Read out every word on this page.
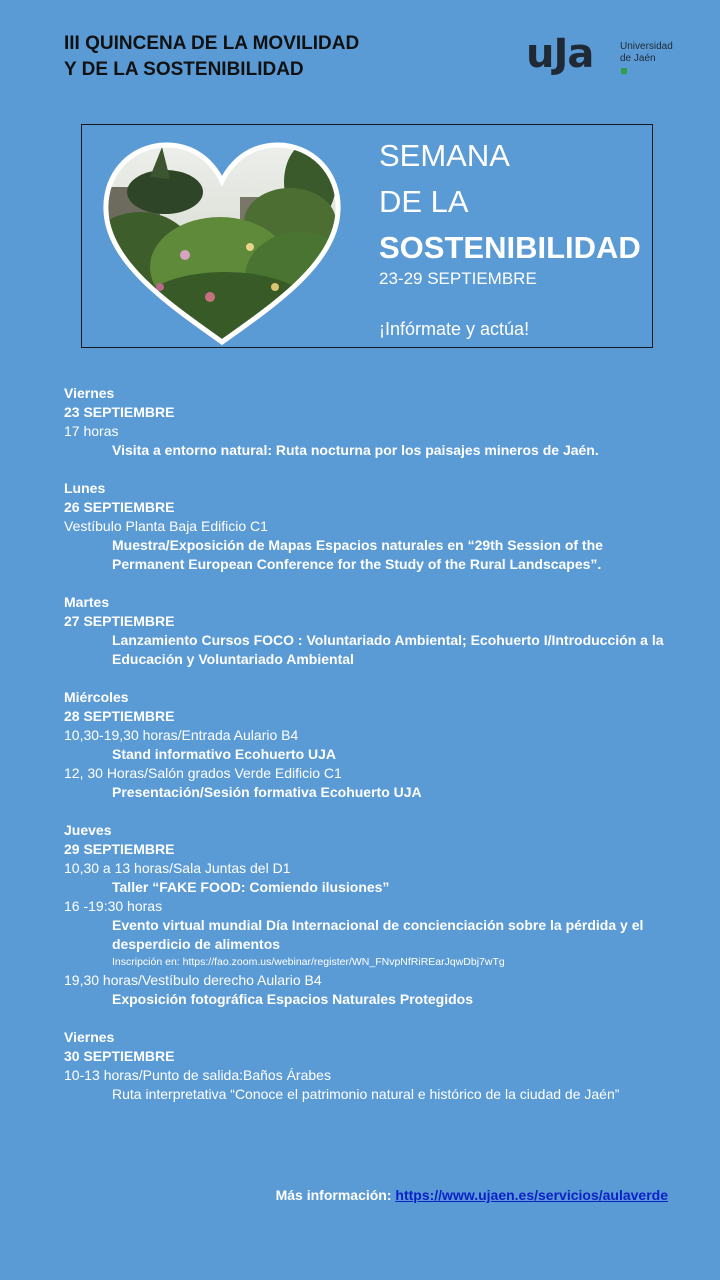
III QUINCENA DE LA MOVILIDAD
Y DE LA SOSTENIBILIDAD	uJa	Universidad
de Jaén
SEMANA
DE LA
SOSTENIBILIDAD
23-29 SEPTIEMBRE
¡Infórmate y actúa!
Viernes
23 SEPTIEMBRE
17 horas
Visita a entorno natural: Ruta nocturna por los paisajes mineros de Jaén.
Lunes
26 SEPTIEMBRE
Vestíbulo Planta Baja Edificio C1
Muestra/Exposición de Mapas Espacios naturales en “29th Session of the
Permanent European Conference for the Study of the Rural Landscapes”.
Martes
27 SEPTIEMBRE
Lanzamiento Cursos FOCO : Voluntariado Ambiental; Ecohuerto I/Introducción a la
Educación y Voluntariado Ambiental
Miércoles
28 SEPTIEMBRE
10,30-19,30 horas/Entrada Aulario B4
Stand informativo Ecohuerto UJA
12, 30 Horas/Salón grados Verde Edificio C1
Presentación/Sesión formativa Ecohuerto UJA
Jueves
29 SEPTIEMBRE
10,30 a 13 horas/Sala Juntas del D1
Taller “FAKE FOOD: Comiendo ilusiones”
16 -19:30 horas
Evento virtual mundial Día Internacional de concienciación sobre la pérdida y el
desperdicio de alimentos
Inscripción en: https://fao.zoom.us/webinar/register/WN_FNvpNfRiREarJqwDbj7wTg
19,30 horas/Vestíbulo derecho Aulario B4
Exposición fotográfica Espacios Naturales Protegidos
Viernes
30 SEPTIEMBRE
10-13 horas/Punto de salida:Baños Árabes
Ruta interpretativa “Conoce el patrimonio natural e histórico de la ciudad de Jaén”
Más información: https://www.ujaen.es/servicios/aulaverde
